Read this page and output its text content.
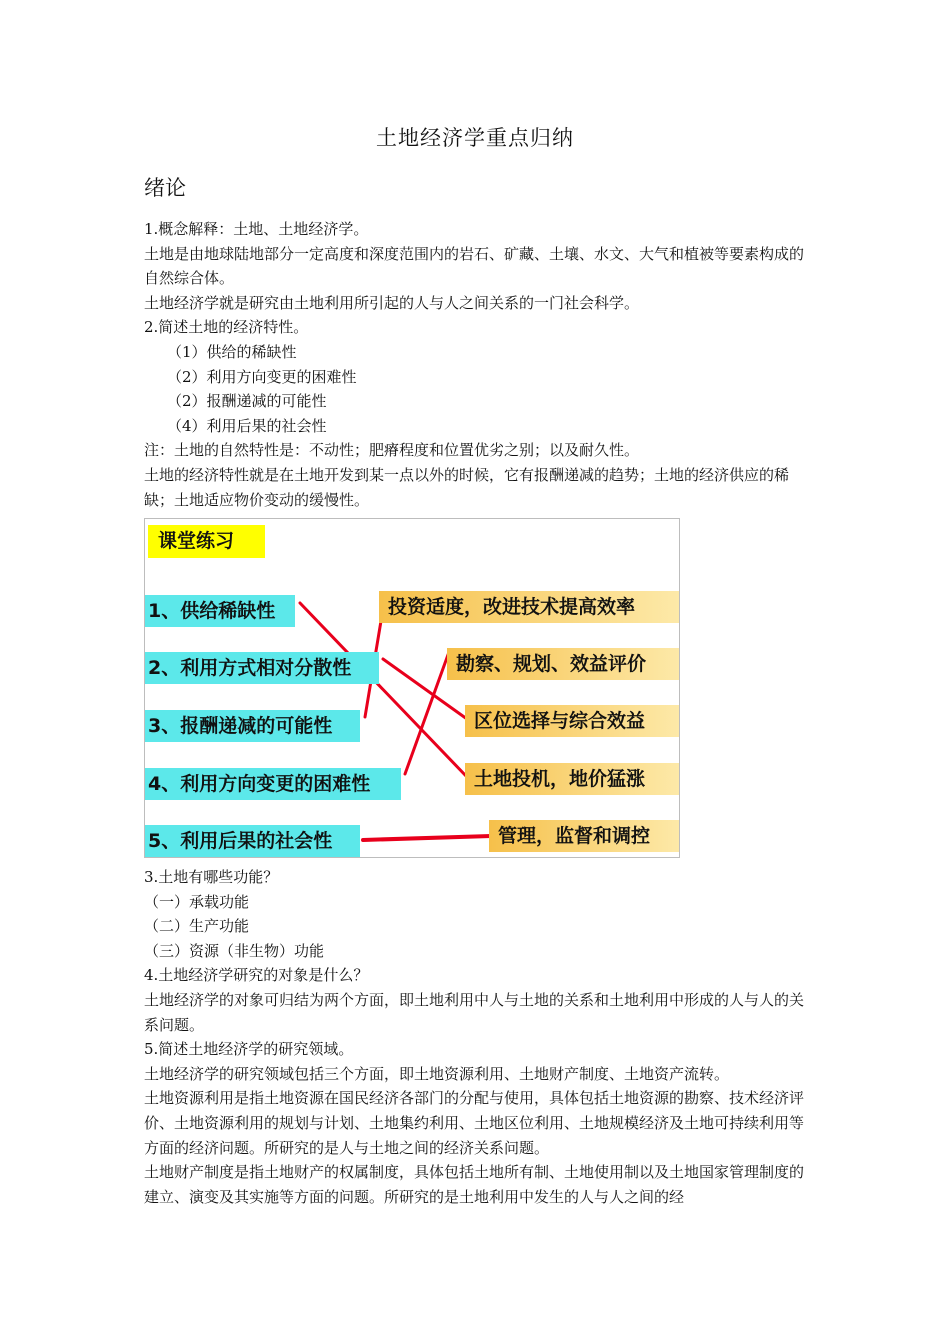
土地经济学重点归纳
绪论

1.概念解释：土地、土地经济学。

土地是由地球陆地部分一定高度和深度范围内的岩石、矿藏、土壤、水文、大气和植被等要素构成的自然综合体。

土地经济学就是研究由土地利用所引起的人与人之间关系的一门社会科学。

2.简述土地的经济特性。

（1）供给的稀缺性

（2）利用方向变更的困难性

（2）报酬递减的可能性

（4）利用后果的社会性

注：土地的自然特性是：不动性；肥瘠程度和位置优劣之别；以及耐久性。

土地的经济特性就是在土地开发到某一点以外的时候，它有报酬递减的趋势；土地的经济供应的稀缺；土地适应物价变动的缓慢性。

课堂练习
1、供给稀缺性
2、利用方式相对分散性
3、报酬递减的可能性
4、利用方向变更的困难性
5、利用后果的社会性
投资适度，改进技术提高效率
勘察、规划、效益评价
区位选择与综合效益
土地投机，地价猛涨
管理，监督和调控

3.土地有哪些功能？

（一）承载功能

（二）生产功能

（三）资源（非生物）功能

4.土地经济学研究的对象是什么？

土地经济学的对象可归结为两个方面，即土地利用中人与土地的关系和土地利用中形成的人与人的关系问题。

5.简述土地经济学的研究领域。

土地经济学的研究领域包括三个方面，即土地资源利用、土地财产制度、土地资产流转。

土地资源利用是指土地资源在国民经济各部门的分配与使用，具体包括土地资源的勘察、技术经济评价、土地资源利用的规划与计划、土地集约利用、土地区位利用、土地规模经济及土地可持续利用等方面的经济问题。所研究的是人与土地之间的经济关系问题。

土地财产制度是指土地财产的权属制度，具体包括土地所有制、土地使用制以及土地国家管理制度的建立、演变及其实施等方面的问题。所研究的是土地利用中发生的人与人之间的经
